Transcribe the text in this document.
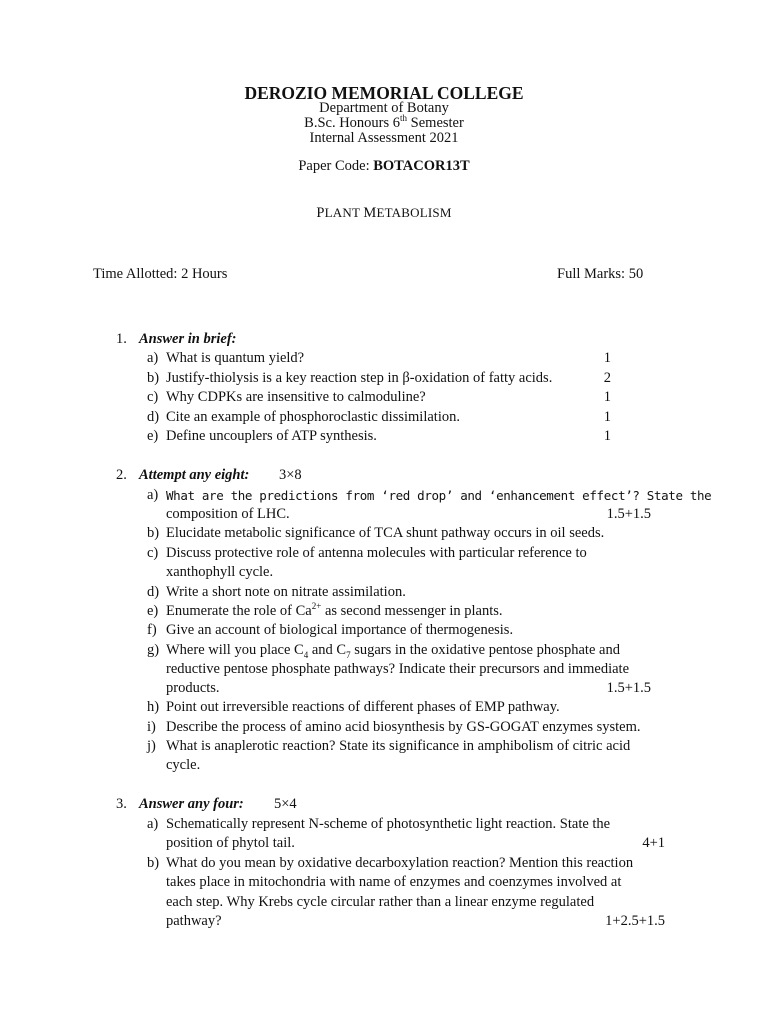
DEROZIO MEMORIAL COLLEGE
Department of Botany
B.Sc. Honours 6th Semester
Internal Assessment 2021
Paper Code: BOTACOR13T
PLANT METABOLISM
Time Allotted: 2 Hours	Full Marks: 50
1. Answer in brief:
a) What is quantum yield?	1
b) Justify-thiolysis is a key reaction step in β-oxidation of fatty acids.	2
c) Why CDPKs are insensitive to calmoduline?	1
d) Cite an example of phosphoroclastic dissimilation.	1
e) Define uncouplers of ATP synthesis.	1
2. Attempt any eight: 3×8
a) What are the predictions from ‘red drop’ and ‘enhancement effect’? State the
composition of LHC.	1.5+1.5
b) Elucidate metabolic significance of TCA shunt pathway occurs in oil seeds.
c) Discuss protective role of antenna molecules with particular reference to
xanthophyll cycle.
d) Write a short note on nitrate assimilation.
e) Enumerate the role of $Ca^{2+}$ as second messenger in plants.
f) Give an account of biological importance of thermogenesis.
g) Where will you place $C_4$ and $C_7$ sugars in the oxidative pentose phosphate and
reductive pentose phosphate pathways? Indicate their precursors and immediate
products.	1.5+1.5
h) Point out irreversible reactions of different phases of EMP pathway.
i) Describe the process of amino acid biosynthesis by GS-GOGAT enzymes system.
j) What is anaplerotic reaction? State its significance in amphibolism of citric acid
cycle.
3. Answer any four: 5×4
a) Schematically represent N-scheme of photosynthetic light reaction. State the
position of phytol tail.	4+1
b) What do you mean by oxidative decarboxylation reaction? Mention this reaction
takes place in mitochondria with name of enzymes and coenzymes involved at
each step. Why Krebs cycle circular rather than a linear enzyme regulated
pathway?	1+2.5+1.5
